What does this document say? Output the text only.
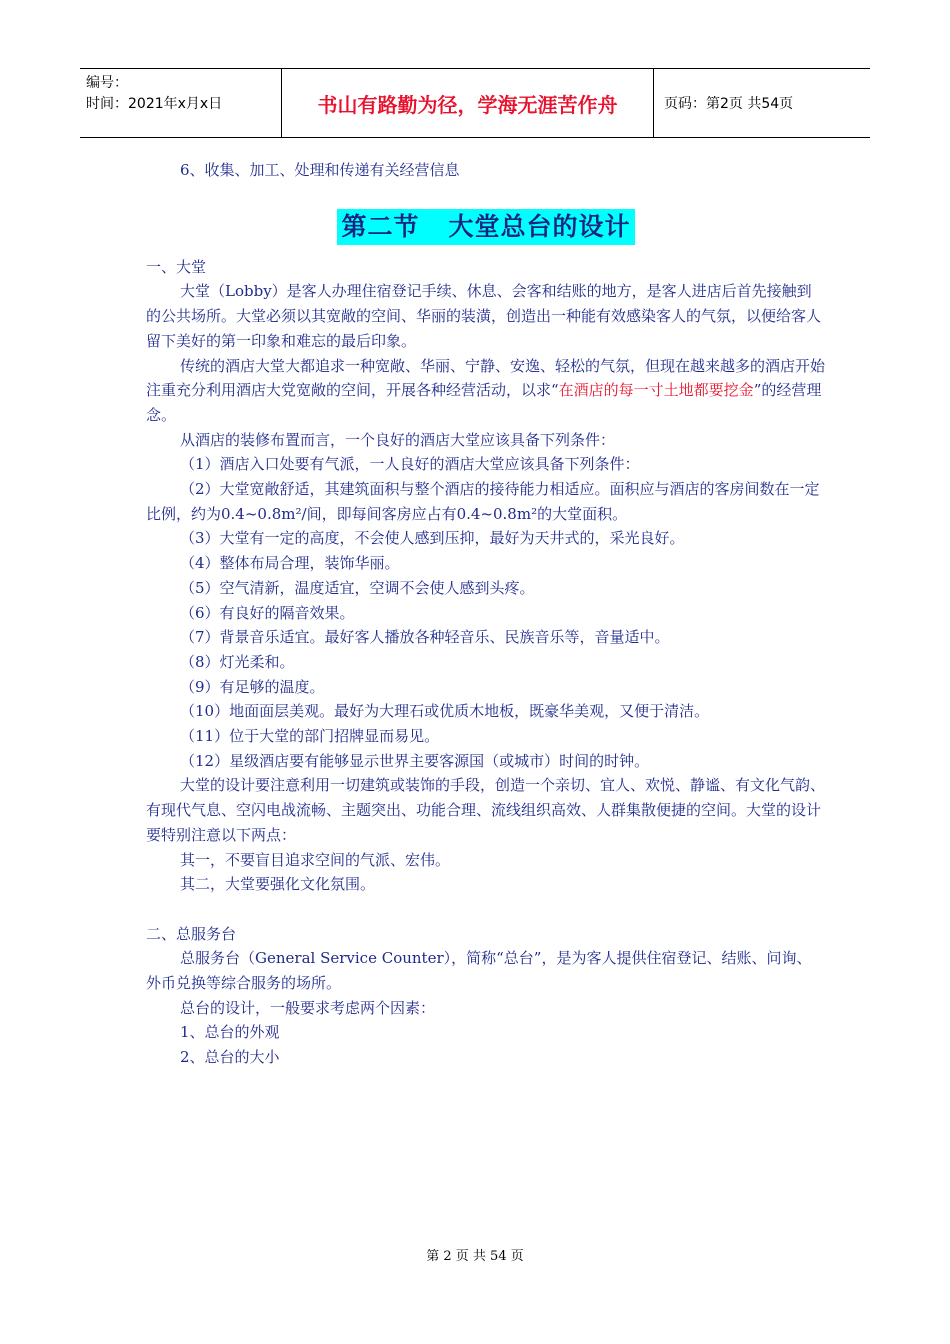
编号：
时间：2021年x月x日	书山有路勤为径，学海无涯苦作舟	页码：第2页 共54页

6、收集、加工、处理和传递有关经营信息

第二节   大堂总台的设计

一、大堂

大堂（Lobby）是客人办理住宿登记手续、休息、会客和结账的地方，是客人进店后首先接触到的公共场所。大堂必须以其宽敞的空间、华丽的装潢，创造出一种能有效感染客人的气氛，以便给客人留下美好的第一印象和难忘的最后印象。

传统的酒店大堂大都追求一种宽敞、华丽、宁静、安逸、轻松的气氛，但现在越来越多的酒店开始注重充分利用酒店大党宽敞的空间，开展各种经营活动，以求“在酒店的每一寸土地都要挖金”的经营理念。

从酒店的装修布置而言，一个良好的酒店大堂应该具备下列条件：

（1）酒店入口处要有气派，一人良好的酒店大堂应该具备下列条件：

（2）大堂宽敞舒适，其建筑面积与整个酒店的接待能力相适应。面积应与酒店的客房间数在一定比例，约为0.4~0.8m²/间，即每间客房应占有0.4~0.8m²的大堂面积。

（3）大堂有一定的高度，不会使人感到压抑，最好为天井式的，采光良好。

（4）整体布局合理，装饰华丽。

（5）空气清新，温度适宜，空调不会使人感到头疼。

（6）有良好的隔音效果。

（7）背景音乐适宜。最好客人播放各种轻音乐、民族音乐等，音量适中。

（8）灯光柔和。

（9）有足够的温度。

（10）地面面层美观。最好为大理石或优质木地板，既豪华美观，又便于清洁。

（11）位于大堂的部门招牌显而易见。

（12）星级酒店要有能够显示世界主要客源国（或城市）时间的时钟。

大堂的设计要注意利用一切建筑或装饰的手段，创造一个亲切、宜人、欢悦、静谧、有文化气韵、有现代气息、空闪电战流畅、主题突出、功能合理、流线组织高效、人群集散便捷的空间。大堂的设计要特别注意以下两点：

其一，不要盲目追求空间的气派、宏伟。

其二，大堂要强化文化氛围。

二、总服务台

总服务台（General Service Counter），简称“总台”，是为客人提供住宿登记、结账、问询、外币兑换等综合服务的场所。

总台的设计，一般要求考虑两个因素：

1、总台的外观

2、总台的大小

第 2 页 共 54 页
